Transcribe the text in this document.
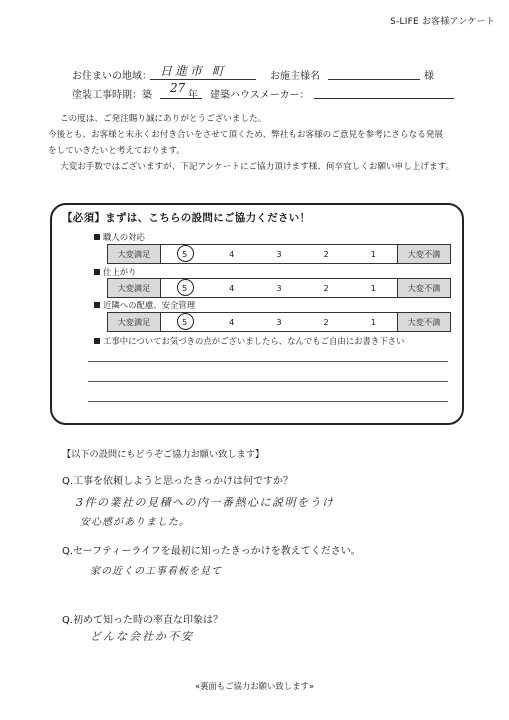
S-LIFE お客様アンケート
お住まいの地域： 日進市 町	お施主様名	様
塗装工事時期：築
27
年 建築ハウスメーカー：

この度は、ご発注賜り誠にありがとうございました。

今後とも、お客様と末永くお付き合いをさせて頂くため、弊社もお客様のご意見を参考にさらなる発展

をしていきたいと考えております。

大変お手数ではございますが、下記アンケートにご協力頂けます様、何卒宜しくお願い申し上げます。

【必須】まずは、こちらの設問にご協力ください！
職人の対応
大変満足	5	4	3	2	1	大変不満
仕上がり
大変満足	5	4	3	2	1	大変不満
近隣への配慮、安全管理
大変満足	5	4	3	2	1	大変不満
工事中についてお気づきの点がございましたら、なんでもご自由にお書き下さい
【以下の設問にもどうぞご協力お願い致します】
Q.工事を依頼しようと思ったきっかけは何ですか？
3件の業社の見積への内一番熱心に説明をうけ
安心感がありました。
Q.セーフティーライフを最初に知ったきっかけを教えてください。
家の近くの工事看板を見て
Q.初めて知った時の率直な印象は？
どんな会社か不安
«裏面もご協力お願い致します»
